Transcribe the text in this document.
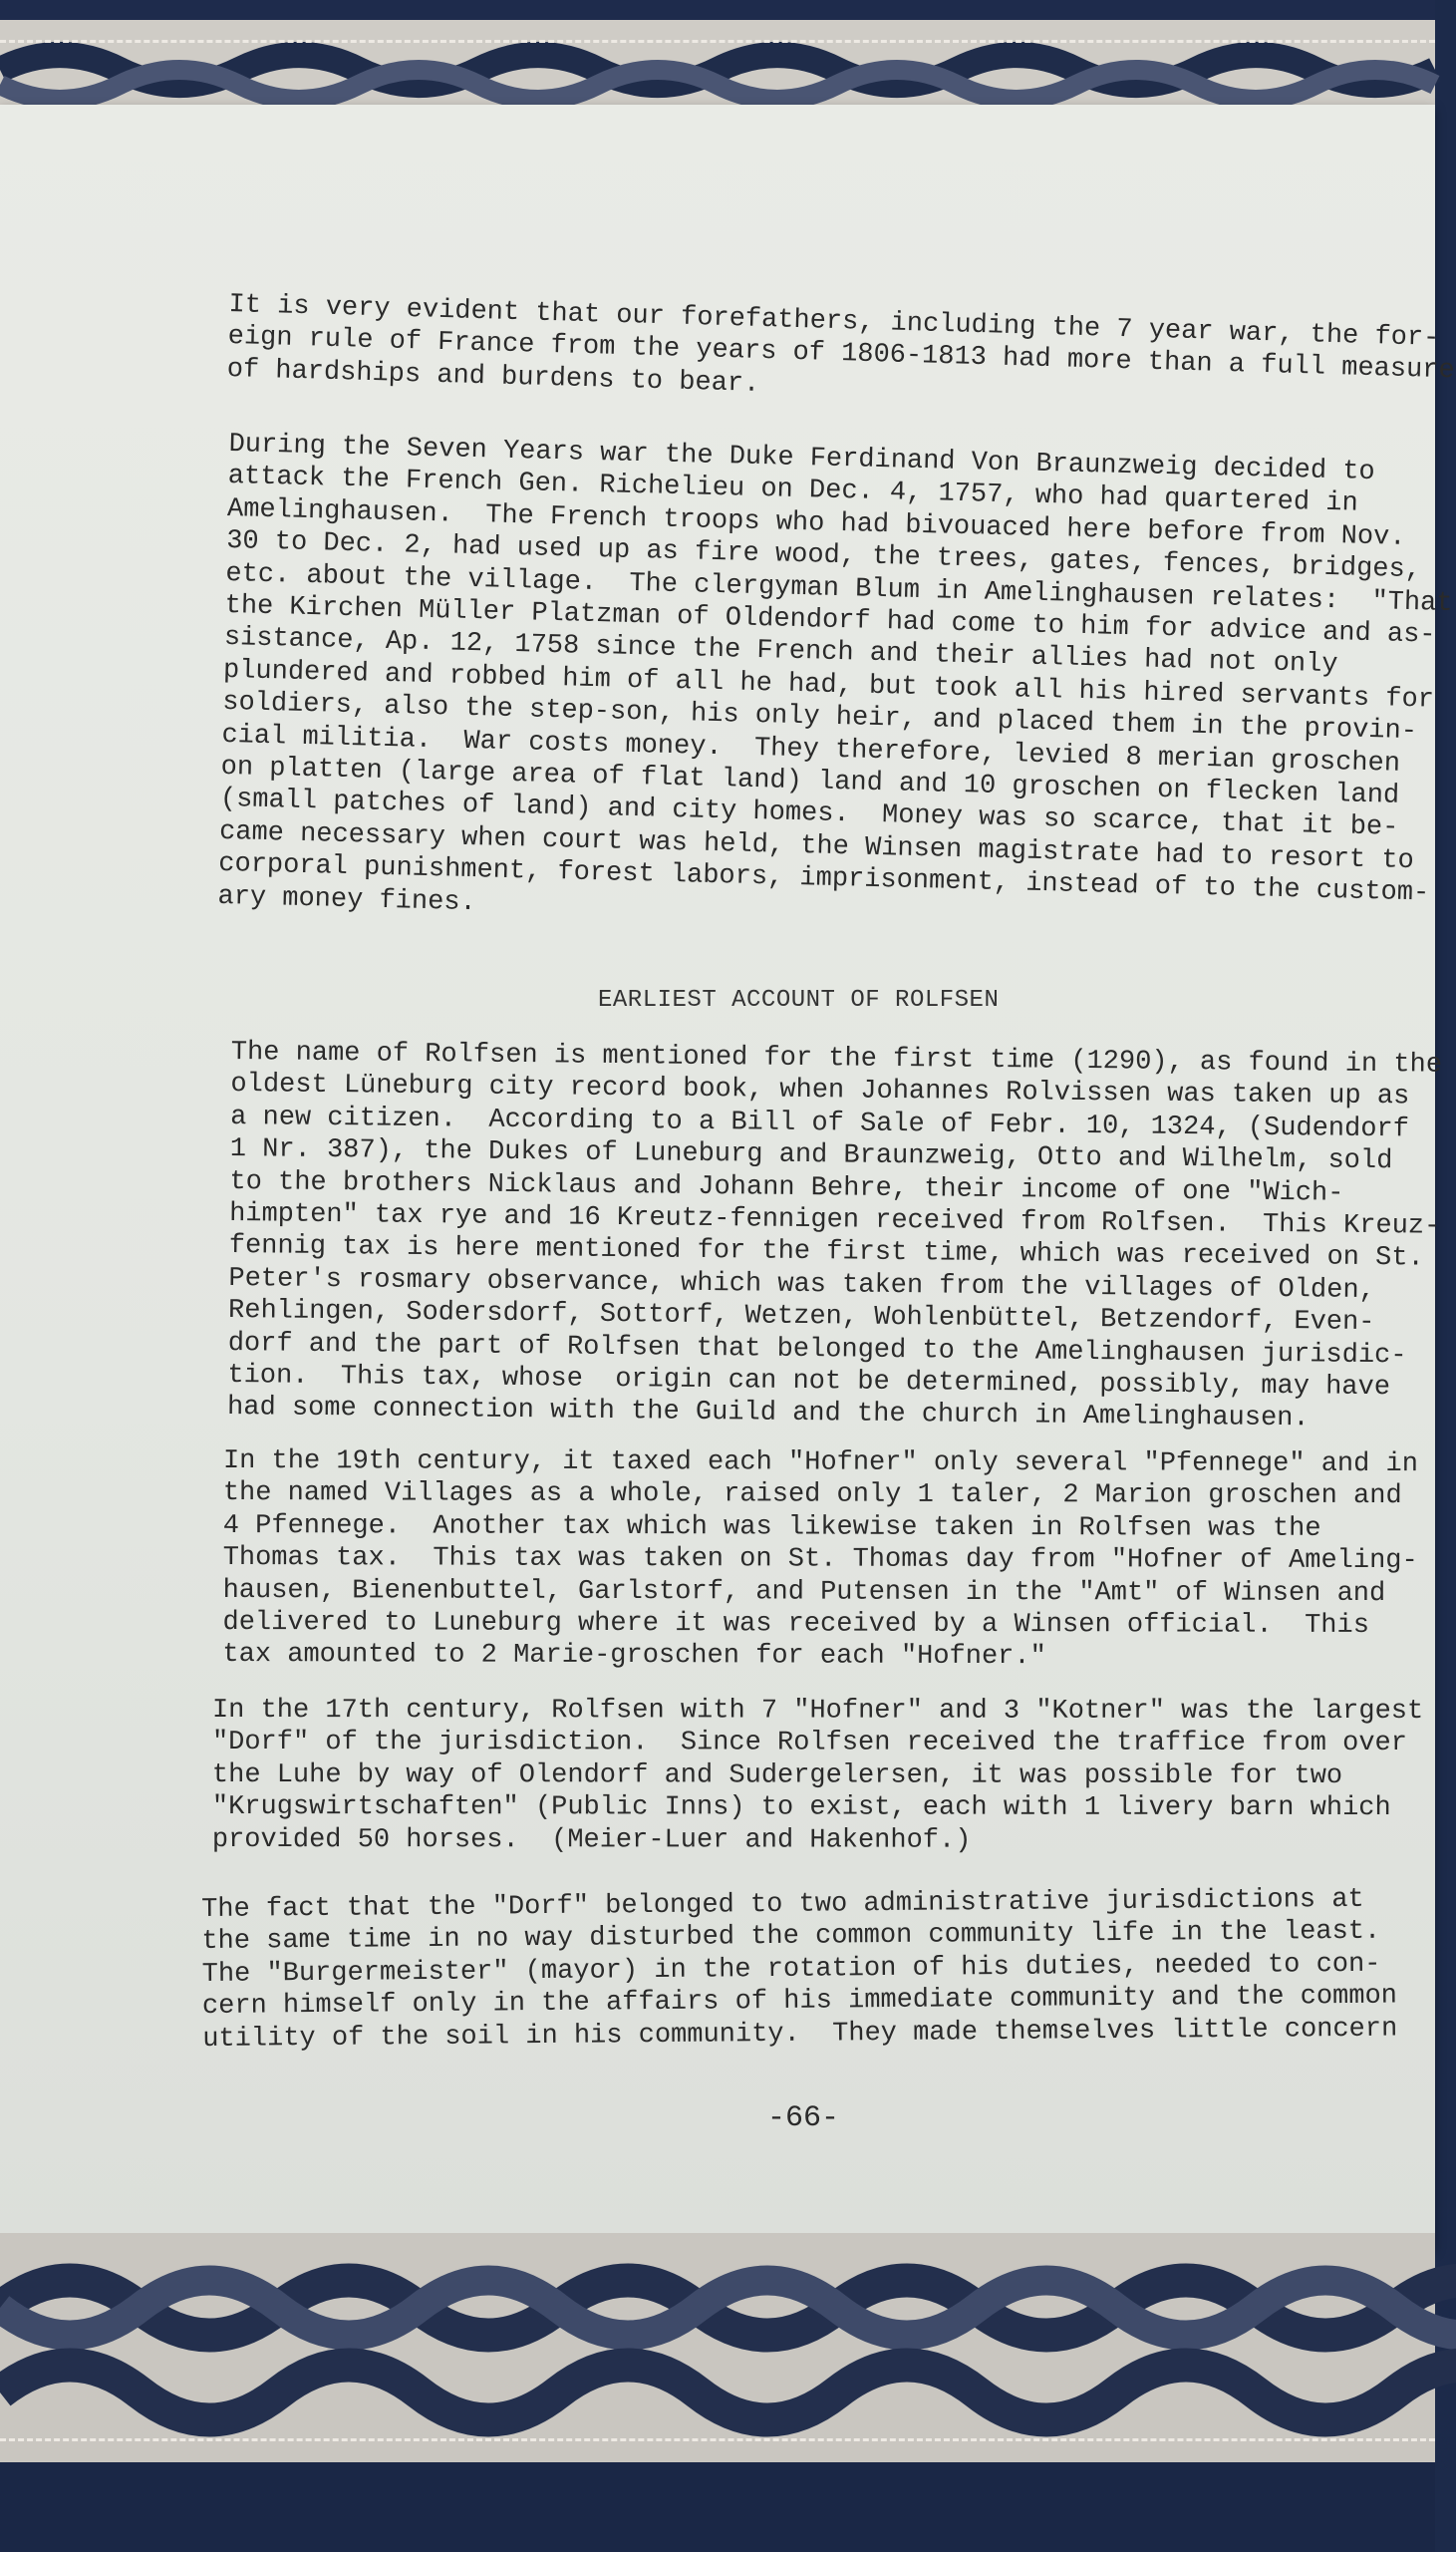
It is very evident that our forefathers, including the 7 year war, the for-
eign rule of France from the years of 1806-1813 had more than a full measure
of hardships and burdens to bear.
During the Seven Years war the Duke Ferdinand Von Braunzweig decided to
attack the French Gen. Richelieu on Dec. 4, 1757, who had quartered in
Amelinghausen.  The French troops who had bivouaced here before from Nov.
30 to Dec. 2, had used up as fire wood, the trees, gates, fences, bridges,
etc. about the village.  The clergyman Blum in Amelinghausen relates:  "That
the Kirchen Müller Platzman of Oldendorf had come to him for advice and as-
sistance, Ap. 12, 1758 since the French and their allies had not only
plundered and robbed him of all he had, but took all his hired servants for
soldiers, also the step-son, his only heir, and placed them in the provin-
cial militia.  War costs money.  They therefore, levied 8 merian groschen
on platten (large area of flat land) land and 10 groschen on flecken land
(small patches of land) and city homes.  Money was so scarce, that it be-
came necessary when court was held, the Winsen magistrate had to resort to
corporal punishment, forest labors, imprisonment, instead of to the custom-
ary money fines.
EARLIEST ACCOUNT OF ROLFSEN
The name of Rolfsen is mentioned for the first time (1290), as found in the
oldest Lüneburg city record book, when Johannes Rolvissen was taken up as
a new citizen.  According to a Bill of Sale of Febr. 10, 1324, (Sudendorf
1 Nr. 387), the Dukes of Luneburg and Braunzweig, Otto and Wilhelm, sold
to the brothers Nicklaus and Johann Behre, their income of one "Wich-
himpten" tax rye and 16 Kreutz-fennigen received from Rolfsen.  This Kreuz-
fennig tax is here mentioned for the first time, which was received on St.
Peter's rosmary observance, which was taken from the villages of Olden,
Rehlingen, Sodersdorf, Sottorf, Wetzen, Wohlenbüttel, Betzendorf, Even-
dorf and the part of Rolfsen that belonged to the Amelinghausen jurisdic-
tion.  This tax, whose  origin can not be determined, possibly, may have
had some connection with the Guild and the church in Amelinghausen.
In the 19th century, it taxed each "Hofner" only several "Pfennege" and in
the named Villages as a whole, raised only 1 taler, 2 Marion groschen and
4 Pfennege.  Another tax which was likewise taken in Rolfsen was the
Thomas tax.  This tax was taken on St. Thomas day from "Hofner of Ameling-
hausen, Bienenbuttel, Garlstorf, and Putensen in the "Amt" of Winsen and
delivered to Luneburg where it was received by a Winsen official.  This
tax amounted to 2 Marie-groschen for each "Hofner."
In the 17th century, Rolfsen with 7 "Hofner" and 3 "Kotner" was the largest
"Dorf" of the jurisdiction.  Since Rolfsen received the traffice from over
the Luhe by way of Olendorf and Sudergelersen, it was possible for two
"Krugswirtschaften" (Public Inns) to exist, each with 1 livery barn which
provided 50 horses.  (Meier-Luer and Hakenhof.)
The fact that the "Dorf" belonged to two administrative jurisdictions at
the same time in no way disturbed the common community life in the least.
The "Burgermeister" (mayor) in the rotation of his duties, needed to con-
cern himself only in the affairs of his immediate community and the common
utility of the soil in his community.  They made themselves little concern
-66-
